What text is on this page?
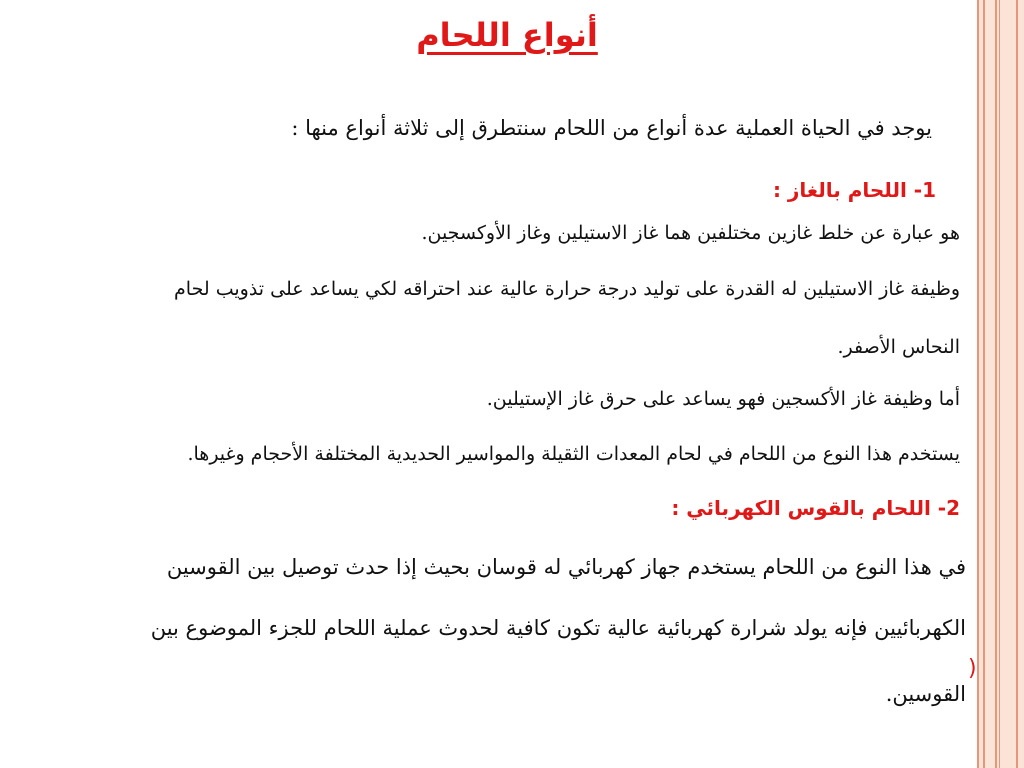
أنواع اللحام
يوجد في الحياة العملية عدة أنواع من اللحام سنتطرق إلى ثلاثة أنواع منها :
1- اللحام بالغاز :
هو عبارة عن خلط غازين مختلفين هما غاز الاستيلين وغاز الأوكسجين.
وظيفة غاز الاستيلين له القدرة على توليد درجة حرارة عالية عند احتراقه لكي يساعد على تذويب لحام
النحاس الأصفر.
أما وظيفة غاز الأكسجين فهو يساعد على حرق غاز الإستيلين.
يستخدم هذا النوع من اللحام في لحام المعدات الثقيلة والمواسير الحديدية المختلفة الأحجام وغيرها.
2- اللحام بالقوس الكهربائي :
في هذا النوع من اللحام يستخدم جهاز كهربائي له قوسان بحيث إذا حدث توصيل بين القوسين
الكهربائيين فإنه يولد شرارة كهربائية عالية تكون كافية لحدوث عملية اللحام للجزء الموضوع بين
القوسين.
)
